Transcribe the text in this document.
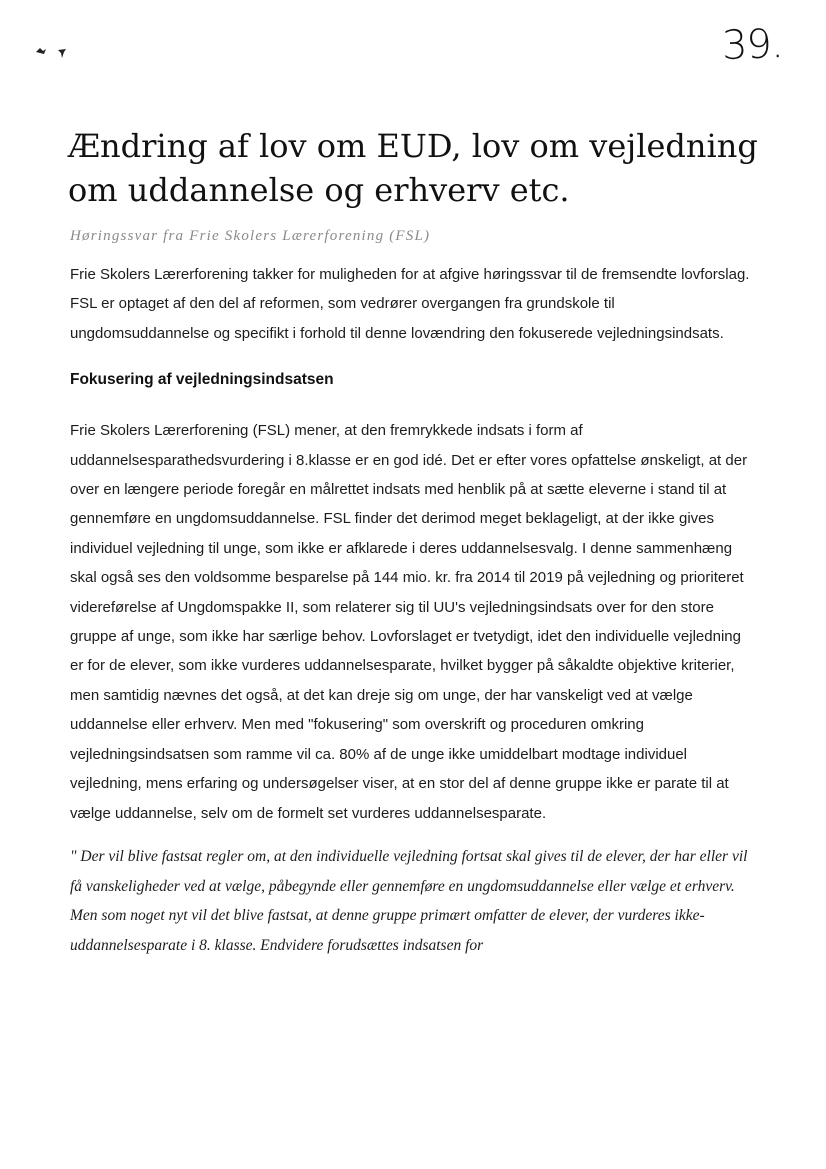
39.
Ændring af lov om EUD, lov om vejledning om uddannelse og erhverv etc.
Høringssvar fra Frie Skolers Lærerforening (FSL)

Frie Skolers Lærerforening takker for muligheden for at afgive høringssvar til de fremsendte lovforslag. FSL er optaget af den del af reformen, som vedrører overgangen fra grundskole til ungdomsuddannelse og specifikt i forhold til denne lovændring den fokuserede vejledningsindsats.

Fokusering af vejledningsindsatsen

Frie Skolers Lærerforening (FSL) mener, at den fremrykkede indsats i form af uddannelsesparathedsvurdering i 8.klasse er en god idé. Det er efter vores opfattelse ønskeligt, at der over en længere periode foregår en målrettet indsats med henblik på at sætte eleverne i stand til at gennemføre en ungdomsuddannelse. FSL finder det derimod meget beklageligt, at der ikke gives individuel vejledning til unge, som ikke er afklarede i deres uddannelsesvalg. I denne sammenhæng skal også ses den voldsomme besparelse på 144 mio. kr. fra 2014 til 2019 på vejledning og prioriteret videreførelse af Ungdomspakke II, som relaterer sig til UU's vejledningsindsats over for den store gruppe af unge, som ikke har særlige behov. Lovforslaget er tvetydigt, idet den individuelle vejledning er for de elever, som ikke vurderes uddannelsesparate, hvilket bygger på såkaldte objektive kriterier, men samtidig nævnes det også, at det kan dreje sig om unge, der har vanskeligt ved at vælge uddannelse eller erhverv. Men med "fokusering" som overskrift og proceduren omkring vejledningsindsatsen som ramme vil ca. 80% af de unge ikke umiddelbart modtage individuel vejledning, mens erfaring og undersøgelser viser, at en stor del af denne gruppe ikke er parate til at vælge uddannelse, selv om de formelt set vurderes uddannelsesparate.

" Der vil blive fastsat regler om, at den individuelle vejledning fortsat skal gives til de elever, der har eller vil få vanskeligheder ved at vælge, påbegynde eller gennemføre en ungdomsuddannelse eller vælge et erhverv. Men som noget nyt vil det blive fastsat, at denne gruppe primært omfatter de elever, der vurderes ikke-uddannelsesparate i 8. klasse. Endvidere forudsættes indsatsen for
